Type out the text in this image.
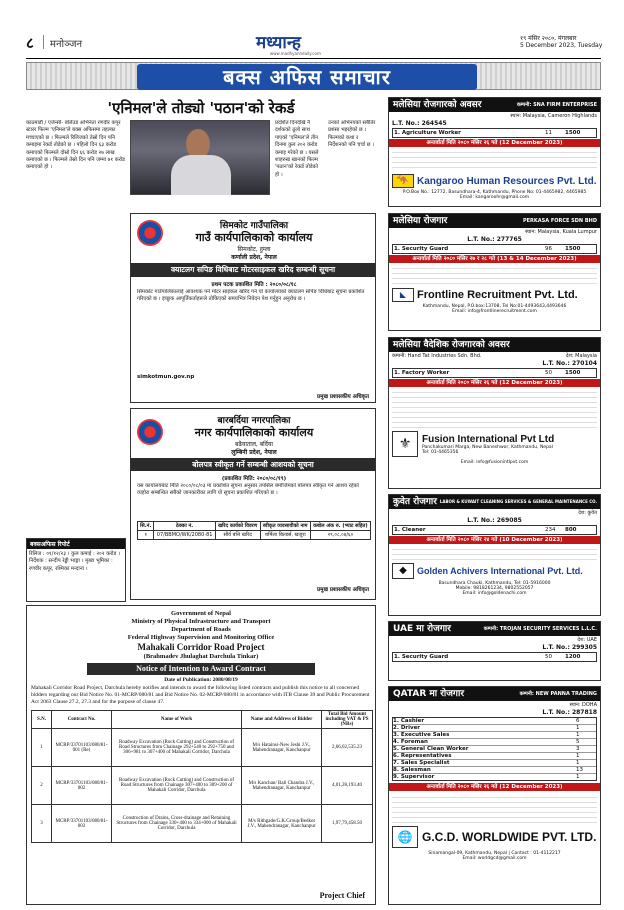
८ मनोञ्जन	मध्यान्ह
www.madhyanhdaily.com
१९ मंसिर २०८०, मंगलबार
5 December 2023, Tuesday
बक्स अफिस समाचार
'एनिमल'ले तोड्यो 'पठान'को रेकर्ड
काठमाडौं / एजेन्सी- बलिउड अभिनेता रणवीर कपूर स्टारर फिल्म 'एनिमल'ले बक्स अफिसमा तहल्का मच्चाएको छ । फिल्मले रिलिजको तेस्रो दिन पनि कमाइमा रेकर्ड तोडेको छ । पहिलो दिन ६३ करोड कमाएको फिल्मले दोस्रो दिन ६६ करोड २७ लाख कमाएको छ । फिल्मले तेस्रो दिन पनि जम्मा ७१ करोड कमाएको हो ।
प्रदर्शित दिनदेखि नै दर्शकको ठूलो साथ पाएको 'एनिमल'ले तीन दिनमा कुल २०२ करोड कमाइ गरेको छ । यसले शाहरुख खानको फिल्म 'पठान'को रेकर्ड तोडेको हो ।
उनको अभिनयको सबैतिर प्रशंसा भइरहेको छ । फिल्मको कथा र निर्देशनको पनि चर्चा छ ।
बक्सअफिस रिपोर्ट
रिलिज : ०१/१२/२३ । कुल कमाई : २०२ करोड । निर्देशक : सन्दीप रेड्डी भाङ्गा । मुख्य भूमिका : रणवीर कपूर, रश्मिका मन्दाना ।
सिमकोट गाउँपालिका
गाउँ कार्यपालिकाको कार्यालय
सिमकोट, हुम्ला
कर्णाली प्रदेश, नेपाल
क्याटलग सपिङ विधिबाट मोटरसाइकल खरिद सम्बन्धी सूचना
प्रथम पटक प्रकाशित मिति : २०८०/०८/१८
सिमकोट गाउँपालिकालाई आवश्यक पर्ने मोटर साइकल खरिद गर्न यो कार्यालयको क्याटलग सपिङ विधिबाट सूचना प्रकाशित गरिएको छ । इच्छुक आपूर्तिकर्ताहरूले तोकिएको समयभित्र निवेदन पेश गर्नुहुन अनुरोध छ ।
simkotmun.gov.np
प्रमुख प्रशासकीय अधिकृत
बारबर्दिया नगरपालिका
नगर कार्यपालिकाको कार्यालय
बढैयाताल, बर्दिया
लुम्बिनी प्रदेश, नेपाल
बोलपत्र स्वीकृत गर्ने सम्बन्धी आशयको सूचना
(प्रकाशित मिति: २०८०/०८/१९)
यस कार्यालयबाट मिति २०८०/०८/०३ मा प्रकाशित सूचना अनुसार तपसिल बमोजिमको बोलपत्र स्वीकृत गर्ने आशय रहेको व्यहोरा सम्बन्धित सबैको जानकारीका लागि यो सूचना प्रकाशित गरिएको छ ।
सि.नं.	ठेक्का नं.	खरिद कार्यको विवरण	स्वीकृत व्यवसायीको नाम	कबोल अंक रु. (भ्याट सहित)
१	07/BBMO/WK/2080-81	सौर्य बत्ति खरिद	शर्मिला बिल्डर्स, खजुरा	२९,०८,०४/६०
प्रमुख प्रशासकीय अधिकृत
Government of Nepal
Ministry of Physical Infrastructure and Transport
Department of Roads
Federal Highway Supervision and Monitoring Office
Mahakali Corridor Road Project
(Brahmadev Jhulaghat Darchula Tinkar)
Notice of Intention to Award Contract
Date of Publication: 2080/08/19
Mahakali Corridor Road Project, Darchula hereby notifies and intends to award the following listed contracts and publish this notice to all concerned bidders regarding our Bid Notice No. 01-MCRP/080/81 and Bid Notice No. 02-MCRP/080/81 in accordance with ITB Clause 39 and Public Procurement Act 2063 Clause 27.2, 27.3 and for the purpose of clause 47.
S.N.	Contract No.	Name of Work	Name and Address of Bidder	Total Bid Amount including VAT & PS (NRs)
1	MCRP/33701103/080/81-001 (Re)	Roadway Excavation (Rock Cutting) and Construction of Road Structures from Chainage 292+540 to 292+750 and 306+981 to 307+400 of Mahakali Corridor, Darchula	M/s Hatainsi-New Jeshi J.V., Mahendranagar, Kanchanpur	2,66,02,535.23
2	MCRP/33701103/080/81-002	Roadway Excavation (Rock Cutting) and Construction of Road Structures from Chainage 307+400 to 309+200 of Mahakali Corridor, Darchula	M/s Kanchan/ Bali Chandra J.V., Mahendranagar, Kanchanpur	4,01,28,193.40
3	MCRP/33701103/080/81-003	Construction of Drains, Cross-drainage and Retaining Structures from Chainage 330+400 to 334+000 of Mahakali Corridor, Darchula	M/s Rithgade/G.K.Group/Bedkot J.V., Mahendranagar, Kanchanpur	1,97,79,458.50
Project Chief
मलेसिया रोजगारको अवसर	कम्पनी: SNA FIRM ENTERPRISE
स्थान: Malaysia, Cameron Highlands
L.T. No.: 264545
1. Agriculture Worker	11	1500
अन्तर्वार्ता मिति २०८० मंसिर २६ गते (12 December 2023)
🦘 Kangaroo Human Resources Pvt. Ltd.
P.O.Box No.: 12772, Basundhara-4, Kathmandu, Phone No: 01-4465982, 4465985
Email: kangaroohr@gmail.com
मलेसिया रोजगार	PERKASA FORCE SDN BHD
स्थान: Malaysia, Kuala Lumpur
L.T. No.: 277765
1. Security Guard	96	1500
अन्तर्वार्ता मिति २०८० मंसिर २७ र २८ गते (13 & 14 December 2023)
◣ Frontline Recruitment Pvt. Ltd.
Kathmandu, Nepal, P.O.box:13708, Tel No:01-4493643,4493646
Email: info@frontlinerecruitment.com
मलेसिया वैदेशिक रोजगारको अवसर
कम्पनी: Hand Tat Industries Sdn. Bhd.	देश: Malaysia
L.T. No.: 270104
1. Factory Worker	50	1500
अन्तर्वार्ता मिति २०८० मंसिर २६ गते (12 December 2023)
⚜	Fusion International Pvt Ltd
Panchakumari Marga, New Baneshwor, Kathmandu, Nepal
Tel: 01-4465356
Email: info@fusionintlpvt.com
कुवेत रोजगार LABOR & KUWAIT CLEANING SERVICES & GENERAL MAINTENANCE CO.
देश: कुवेत
L.T. No.: 269085
1. Cleaner	234	800
अन्तर्वार्ता मिति २०८० मंसिर २४ गते (10 December 2023)
◆	Golden Achivers International Pvt. Ltd.
Basundhara Chauki, Kathmandu, Tel: 01-5916000
Mobile: 9818261234, 9802552057
Email: info@goldenachi.com
UAE मा रोजगार	कम्पनी: TROJAN SECURITY SERVICES L.L.C.
देश: UAE
L.T. No.: 299305
1. Security Guard	50	1200
QATAR मा रोजगार	कम्पनी: NEW PANNA TRADING
स्थान: DOHA
L.T. No.: 287818
1. Cashier	6
2. Driver	1
3. Executive Sales	1
4. Foreman	5
5. General Clean Worker	3
6. Representatives	1
7. Sales Specialist	1
8. Salesman	13
9. Supervisor	1
अन्तर्वार्ता मिति २०८० मंसिर २६ गते (12 December 2023)
🌐 G.C.D. WORLDWIDE PVT. LTD.
Sinamangal-09, Kathmandu, Nepal | Contact : 01-4112217
Email: worldgcd@gmail.com
